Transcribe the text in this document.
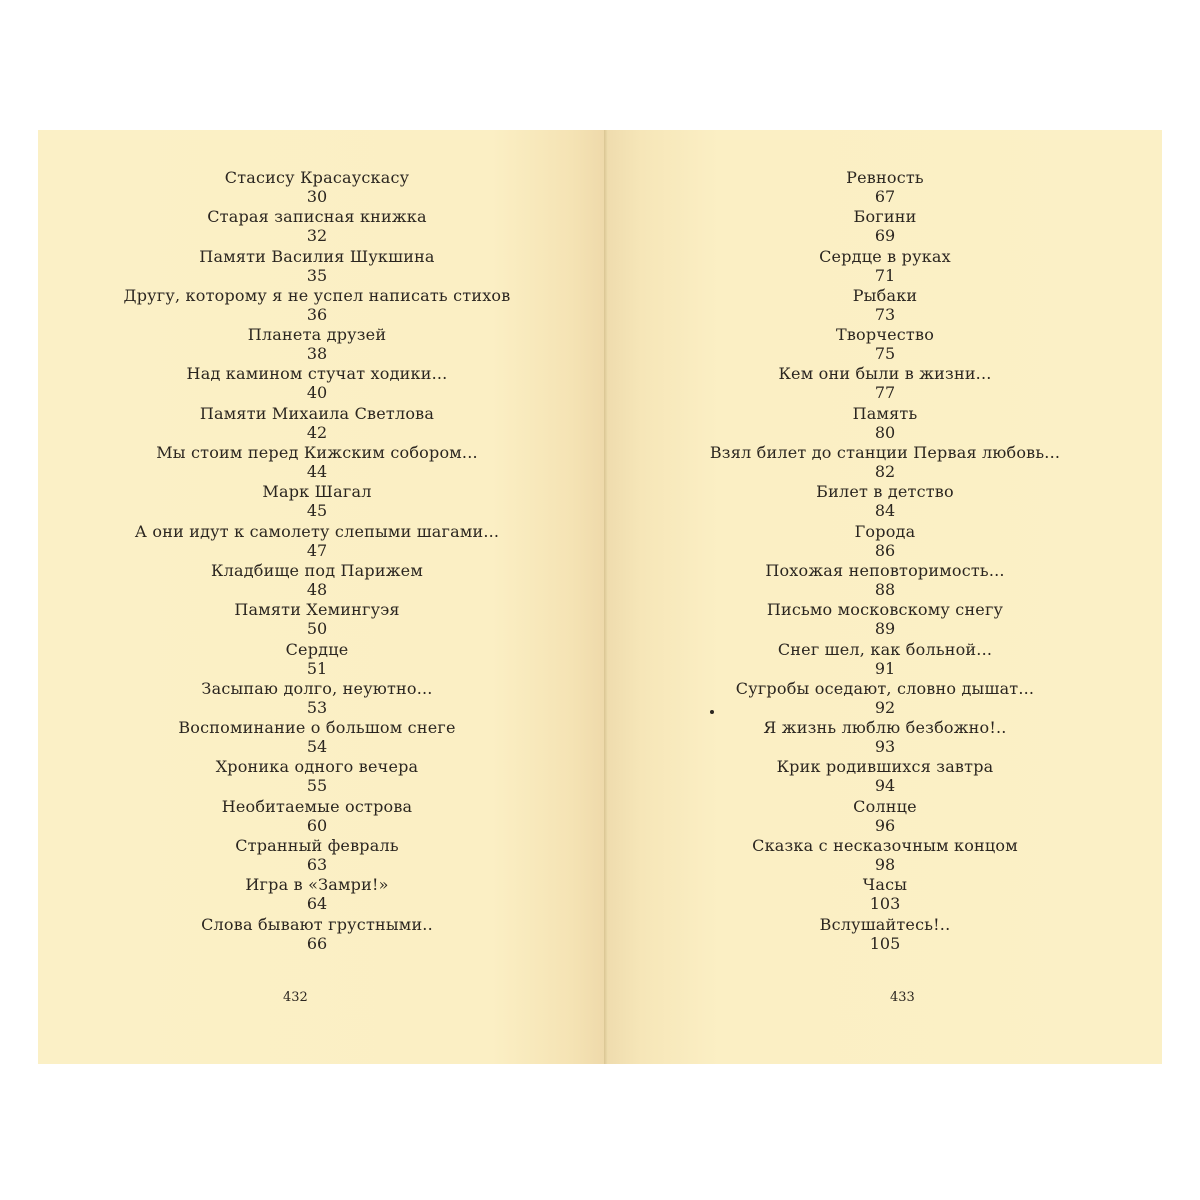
Стасису Красаускасу
30
Старая записная книжка
32
Памяти Василия Шукшина
35
Другу, которому я не успел написать стихов
36
Планета друзей
38
Над камином стучат ходики...
40
Памяти Михаила Светлова
42
Мы стоим перед Кижским собором...
44
Марк Шагал
45
А они идут к самолету слепыми шагами...
47
Кладбище под Парижем
48
Памяти Хемингуэя
50
Сердце
51
Засыпаю долго, неуютно...
53
Воспоминание о большом снеге
54
Хроника одного вечера
55
Необитаемые острова
60
Странный февраль
63
Игра в «Замри!»
64
Слова бывают грустными..
66
432
Ревность
67
Богини
69
Сердце в руках
71
Рыбаки
73
Творчество
75
Кем они были в жизни...
77
Память
80
Взял билет до станции Первая любовь...
82
Билет в детство
84
Города
86
Похожая неповторимость...
88
Письмо московскому снегу
89
Снег шел, как больной...
91
Сугробы оседают, словно дышат...
92
Я жизнь люблю безбожно!..
93
Крик родившихся завтра
94
Солнце
96
Сказка с несказочным концом
98
Часы
103
Вслушайтесь!..
105
433
